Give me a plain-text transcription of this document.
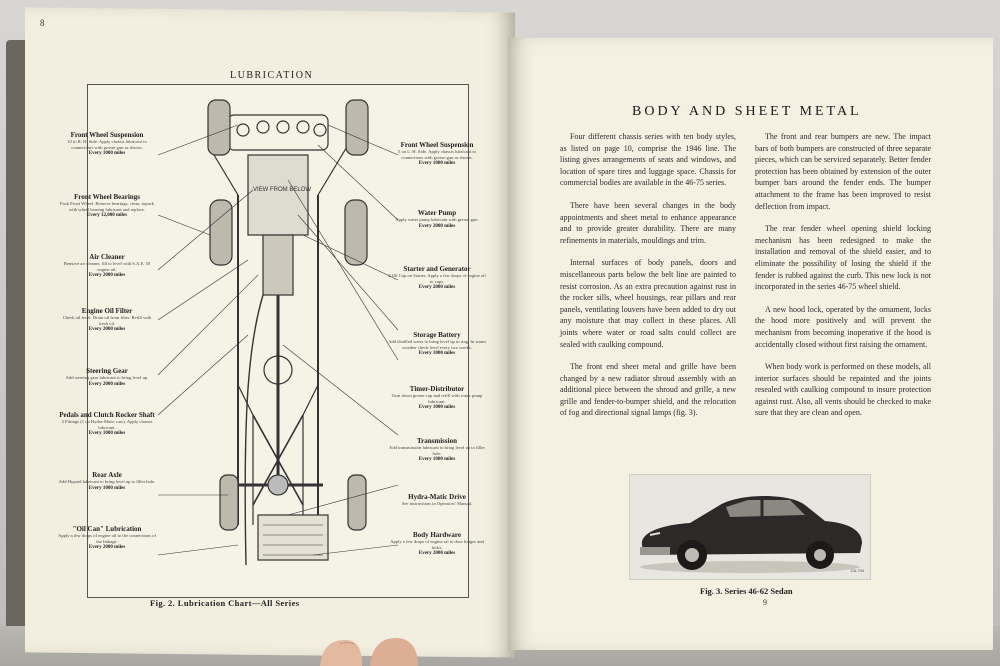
8
LUBRICATION
VIEW FROM BELOW
Front Wheel Suspension
10 to R. H. Side. Apply chassis lubricant to connections with grease gun as shown.
Every 1000 miles
Front Wheel Bearings
Pack Front Wheel. Remove bearings, clean, repack with wheel bearing lubricant and replace.
Every 12,000 miles
Air Cleaner
Remove air cleaner, fill to level with S.A.E. 50 engine oil.
Every 2000 miles
Engine Oil Filter
Check oil level. Drain oil from filter. Refill with fresh oil.
Every 2000 miles
Steering Gear
Add steering gear lubricant to bring level up.
Every 2000 miles
Pedals and Clutch Rocker Shaft
2 Fittings (1 on Hydra-Matic cars). Apply chassis lubricant.
Every 1000 miles
Rear Axle
Add Hypoid lubricant to bring level up to filler hole.
Every 1000 miles
"Oil Can" Lubrication
Apply a few drops of engine oil to the connections of the linkage.
Every 2000 miles
Front Wheel Suspension
5 on L. H. Side. Apply chassis lubricant to connections with grease gun as shown.
Every 1000 miles
Water Pump
Apply water pump lubricant with grease gun.
Every 2000 miles
Starter and Generator
2 Oil Cup on Starter. Apply a few drops of engine oil to cups.
Every 2000 miles
Storage Battery
Add distilled water to bring level up to ring. In warm weather check level every two weeks.
Every 1000 miles
Timer-Distributor
Turn down grease cup and refill with water pump lubricant.
Every 1000 miles
Transmission
Add transmission lubricant to bring level up to filler hole.
Every 1000 miles
Hydra-Matic Drive
See instructions in Operators' Manual.
Body Hardware
Apply a few drops of engine oil to door hinges and locks.
Every 2000 miles
Fig. 2. Lubrication Chart—All Series
BODY AND SHEET METAL

Four different chassis series with ten body styles, as listed on page 10, comprise the 1946 line. The listing gives arrangements of seats and windows, and location of spare tires and luggage space. Chassis for commercial bodies are available in the 46-75 series.

There have been several changes in the body appointments and sheet metal to enhance appearance and to provide greater durability. There are many refinements in materials, mouldings and trim.

Internal surfaces of body panels, doors and miscellaneous parts below the belt line are painted to resist corrosion. As an extra precaution against rust in the rocker sills, wheel housings, rear pillars and rear panels, ventilating louvers have been added to dry out any moisture that may collect in these places. All joints where water or road salts could collect are sealed with caulking compound.

The front end sheet metal and grille have been changed by a new radiator shroud assembly with an additional piece between the shroud and grille, a new grille and fender-to-bumper shield, and the relocation of fog and directional signal lamps (fig. 3).

The front and rear bumpers are new. The impact bars of both bumpers are constructed of three separate pieces, which can be serviced separately. Better fender protection has been obtained by extension of the outer bumper bars around the fender ends. The bumper attachment to the frame has been improved to resist deflection from impact.

The rear fender wheel opening shield locking mechanism has been redesigned to make the installation and removal of the shield easier, and to eliminate the possibility of losing the shield if the fender is rubbed against the curb. This new lock is not incorporated in the series 46-75 wheel shield.

A new hood lock, operated by the ornament, locks the hood more positively and will prevent the mechanism from becoming inoperative if the hood is accidentally closed without first raising the ornament.

When body work is performed on these models, all interior surfaces should be repainted and the joints resealed with caulking compound to insure protection against rust. Also, all vents should be checked to make sure that they are clean and open.

CA-734
Fig. 3. Series 46-62 Sedan
9
